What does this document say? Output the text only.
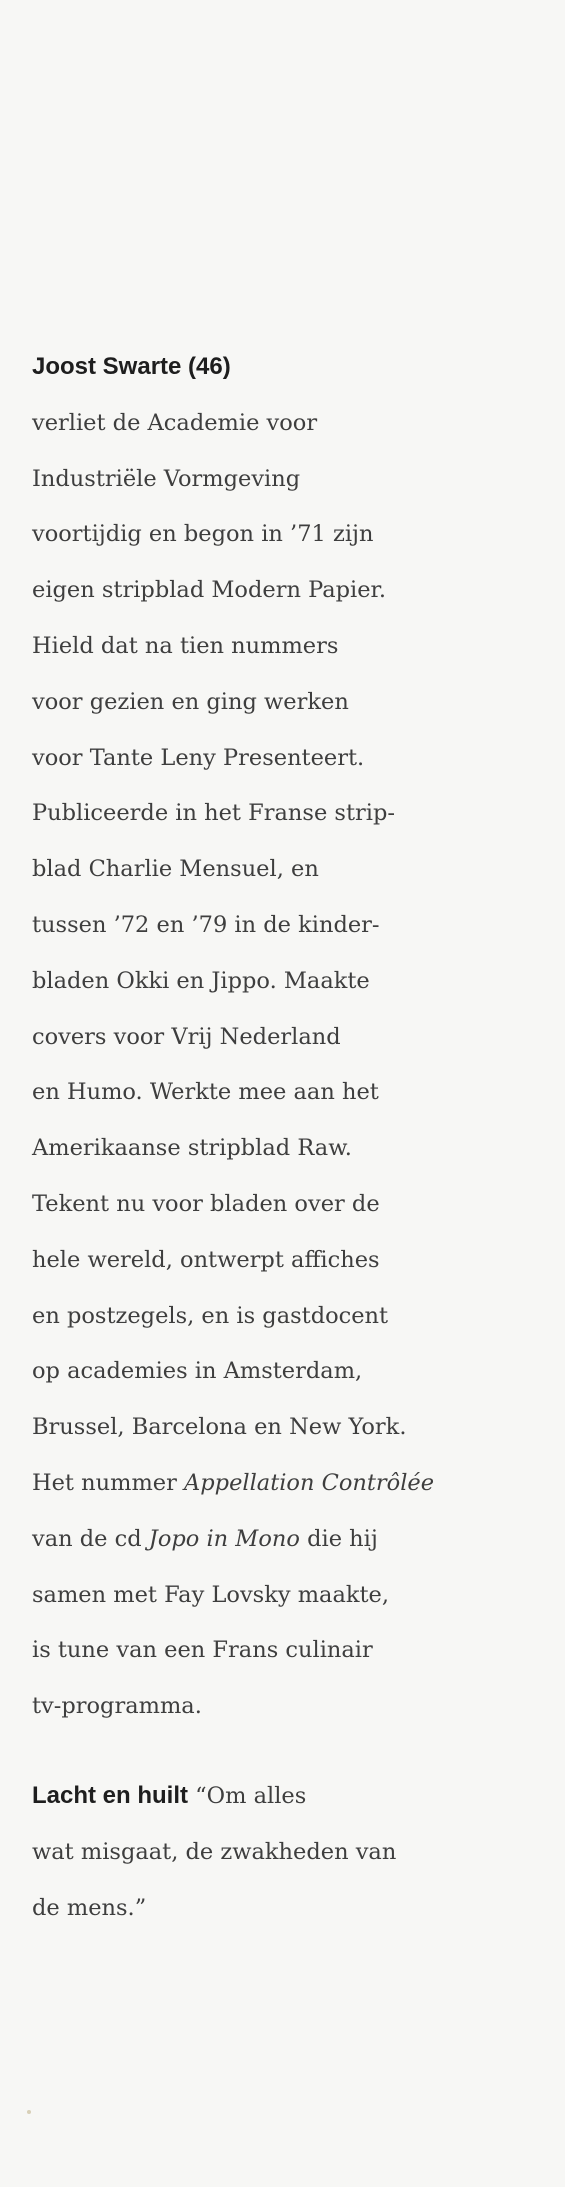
Joost Swarte (46)
verliet de Academie voor
Industriële Vormgeving
voortijdig en begon in ’71 zijn
eigen stripblad Modern Papier.
Hield dat na tien nummers
voor gezien en ging werken
voor Tante Leny Presenteert.
Publiceerde in het Franse strip-
blad Charlie Mensuel, en
tussen ’72 en ’79 in de kinder-
bladen Okki en Jippo. Maakte
covers voor Vrij Nederland
en Humo. Werkte mee aan het
Amerikaanse stripblad Raw.
Tekent nu voor bladen over de
hele wereld, ontwerpt affiches
en postzegels, en is gastdocent
op academies in Amsterdam,
Brussel, Barcelona en New York.
Het nummer Appellation Contrôlée
van de cd Jopo in Mono die hij
samen met Fay Lovsky maakte,
is tune van een Frans culinair
tv-programma.
Lacht en huilt “Om alles
wat misgaat, de zwakheden van
de mens.”
